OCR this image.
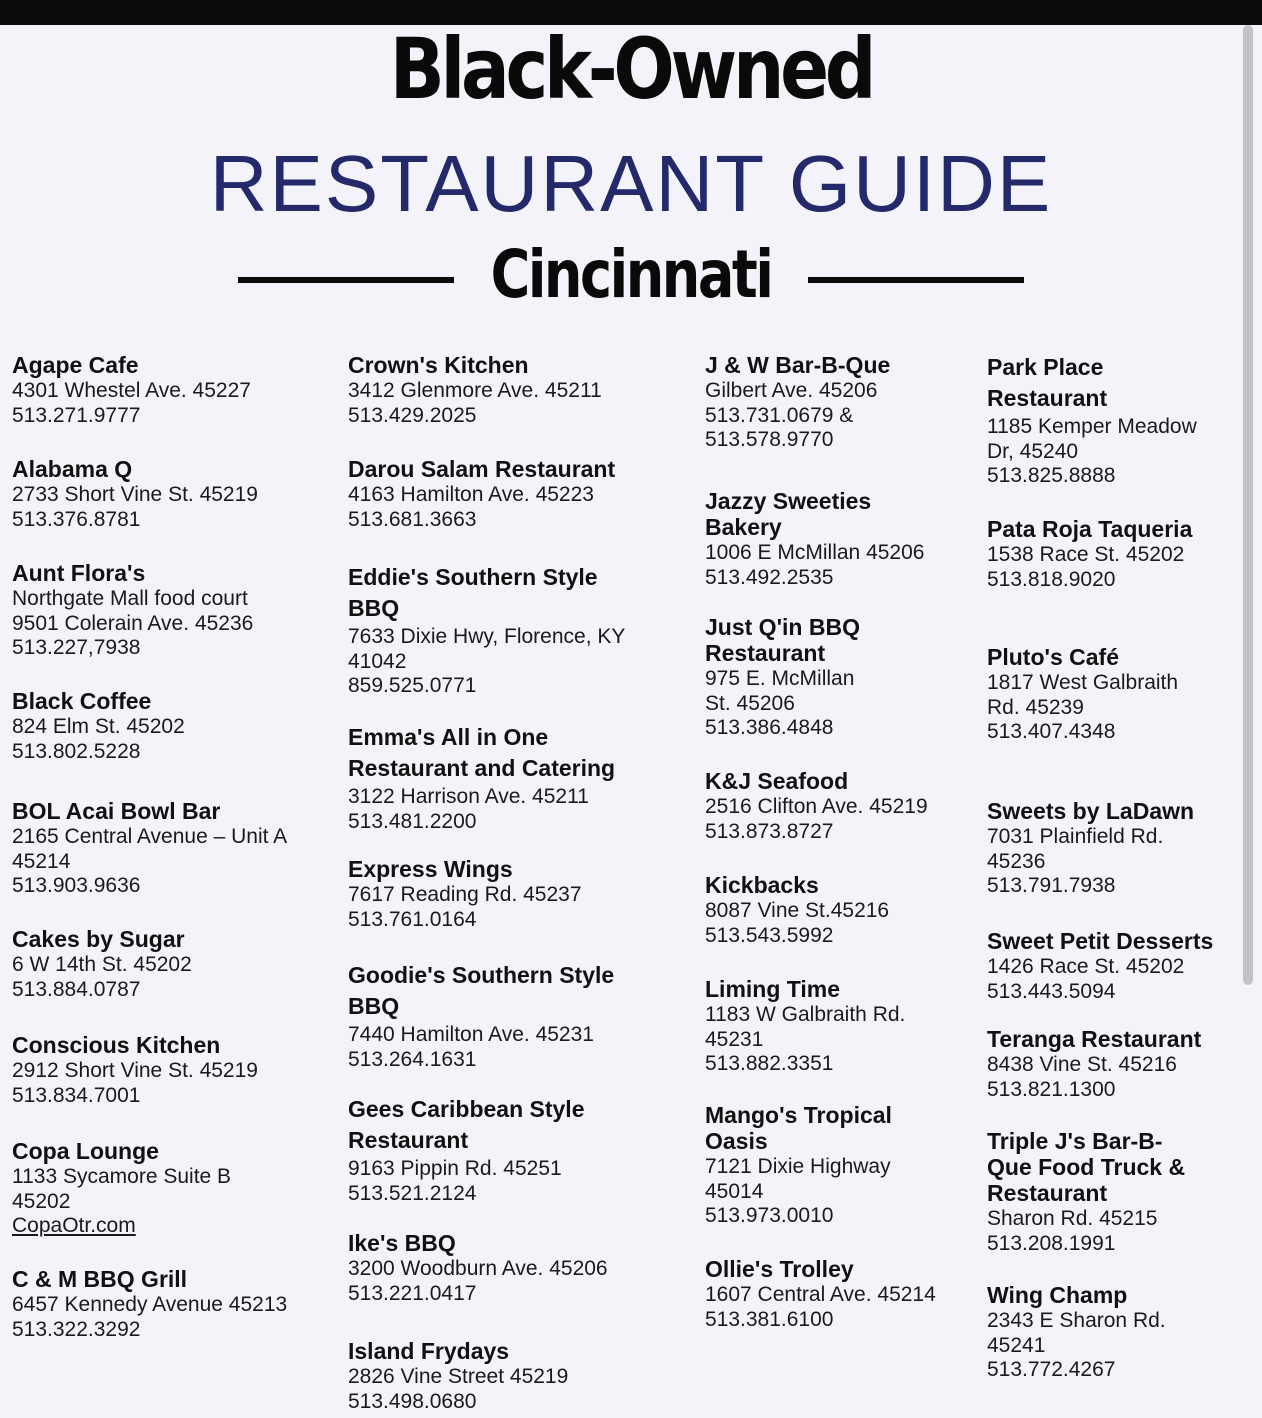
Black-Owned
RESTAURANT GUIDE
Cincinnati
Agape Cafe
4301 Whestel Ave. 45227
513.271.9777
Alabama Q
2733 Short Vine St. 45219
513.376.8781
Aunt Flora's
Northgate Mall food court
9501 Colerain Ave. 45236
513.227,7938
Black Coffee
824 Elm St. 45202
513.802.5228
BOL Acai Bowl Bar
2165 Central Avenue – Unit A
45214
513.903.9636
Cakes by Sugar
6 W 14th St. 45202
513.884.0787
Conscious Kitchen
2912 Short Vine St. 45219
513.834.7001
Copa Lounge
1133 Sycamore Suite B
45202
CopaOtr.com
C & M BBQ Grill
6457 Kennedy Avenue 45213
513.322.3292
Crown's Kitchen
3412 Glenmore Ave. 45211
513.429.2025
Darou Salam Restaurant
4163 Hamilton Ave. 45223
513.681.3663
Eddie's Southern Style BBQ
7633 Dixie Hwy, Florence, KY
41042
859.525.0771
Emma's All in One Restaurant and Catering
3122 Harrison Ave. 45211
513.481.2200
Express Wings
7617 Reading Rd. 45237
513.761.0164
Goodie's Southern Style BBQ
7440 Hamilton Ave. 45231
513.264.1631
Gees Caribbean Style Restaurant
9163 Pippin Rd. 45251
513.521.2124
Ike's BBQ
3200 Woodburn Ave. 45206
513.221.0417
Island Frydays
2826 Vine Street 45219
513.498.0680
J & W Bar-B-Que
Gilbert Ave. 45206
513.731.0679 &
513.578.9770
Jazzy Sweeties Bakery
1006 E McMillan 45206
513.492.2535
Just Q'in BBQ Restaurant
975 E. McMillan
St. 45206
513.386.4848
K&J Seafood
2516 Clifton Ave. 45219
513.873.8727
Kickbacks
8087 Vine St.45216
513.543.5992
Liming Time
1183 W Galbraith Rd.
45231
513.882.3351
Mango's Tropical Oasis
7121 Dixie Highway
45014
513.973.0010
Ollie's Trolley
1607 Central Ave. 45214
513.381.6100
Park Place Restaurant
1185 Kemper Meadow
Dr, 45240
513.825.8888
Pata Roja Taqueria
1538 Race St. 45202
513.818.9020
Pluto's Café
1817 West Galbraith
Rd. 45239
513.407.4348
Sweets by LaDawn
7031 Plainfield Rd.
45236
513.791.7938
Sweet Petit Desserts
1426 Race St. 45202
513.443.5094
Teranga Restaurant
8438 Vine St. 45216
513.821.1300
Triple J's Bar-B-Que Food Truck & Restaurant
Sharon Rd. 45215
513.208.1991
Wing Champ
2343 E Sharon Rd.
45241
513.772.4267
